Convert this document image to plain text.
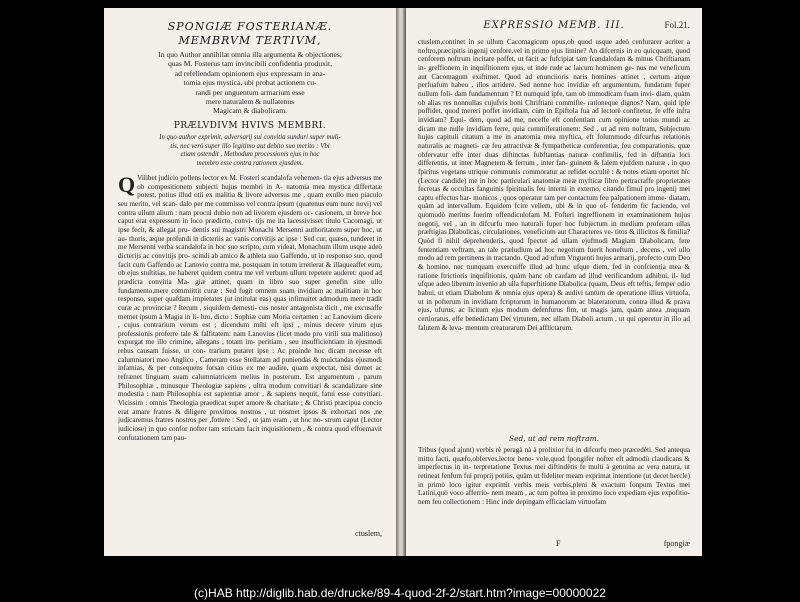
SPONGIÆ FOSTERIANÆ.
MEMBRVM TERTIVM,
In quo Author annihilat omnia illa argumenta & objectiones,
quas M. Fosterus tam invincibili confidentia produxit,
ad refellendam opinionem ejus expressam in ana-
tomia ejus mystica, ubi probat actionem cu-
randi per unguentum armarium esse
mere naturalem & nullatenus
Magicam & diabolicam.
PRÆLVDIVM HVIVS MEMBRI.
In quo author exprimit, adversarij sui convitia sunduri super muli-
tis, nec verò super illo legitimo aut debito suo merito : Vbi
etiam ostendit , Methodum processionis ejus in hoc
membro esse contra rationem ejusdem.
Q Vilibet judicio pollens lector ex M. Fosteri scandalofa vehemen- tia ejus adversus me ob compositionem subjecti hujus membri in A- natomia mea mystica differtatæ potest, potius illud otii ex malitia & livore adversus me , quam exullo meo piaculo seu merito, vel scan- dalo per me commisso vel contra ipsum (quatenus eum nunc novi) vel contra ullum alium : nam procul dubio non ad livorem ejusdem oc- casionem, ut breve hoc caput erat expressum in loco prædicto, convi- tijs me ita lacessivisset titulo Cacomagi, ut ipse fecit, & allegat pru- dentis sui magistri Monachi Mersenni authoritatem super hoc, ut au- thoris, æque profundi in dicteriis ac vanis convitijs ac ipse : Sed cur, quæso, tunderet in me Mersenni verba scandalofa in hoc suo scripto, cum videat, Monachum illum usque adeò dicterijs ac convitijs pro- scindi ab amico & athleta suo Gaffendo, ut in responso suo, quod facit cum Gaffendo ac Lanovio contra me, postquam in totum irretierat & illaqueaffet eum, ob ejus stultitias, ne haberet quidem contra me vel verbum ullum repetere auderet: quod ad prædicta convitia Ma- giæ attinet, quam in libro suo super genefin sine ullo fundamento,mere commiittit curæ : Sed fugit omnem suam invidiam ac malitiam in hoc responso, super quafdam impietates (ut intitulat eas) quas infimuitet admodum mere tradit curæ ac provinciæ ? Iterum , siquidem demesti- cus noster antagonista dicit , me excusaffe memet ipsum à Magia in li- bro, dicto : Sophiæ cum Moria certamen : ac Lanovium dicere , cujus contrarium verum est ; dicendum mihi eft ipsi , minus decere virum ejus professionis proferre tale & falfitatem: nam Lanovius (licet modo pro virili sua malitioso) expurgat me illo crimine, allegans , totam im- peritiam , seu insufficientiam in ejusmodi rebus causam fuisse, ut con- trarium putaret ipse : Ac proinde hoc dicam necesse eft calumniatori meo Anglico , Cameram esse Stellatam ad puniendas & mulctandas ejusmodi infamias, & per consequens forsan citius ex me audire, quam expectat, nisi domet ac refrænet linguam suam calumniatricem melius in posterum. Est argumentum , parum Philosophiæ , minusque Theologiæ sapiens , ultra modum convitiari & scandalizare sine modestia : nam Philosophia est sapientiæ amor , & sapiens nequit, fatui esse convitiari. Vicissim : omnis Theologia praedicat super amore & charitate ; & Christi præcipua concio erat amare fratres & diligere proximos nostros , ut nosmet ipsos & exhortari nos ,ne judicaremus fratres nostros per ,fottere : Sed , ut jam eram , ut hoc no- strum caput (Lector judiciose) in quo confor nofter tam strictam facit inquisitionem , & contra quod effoemavit confutationem tam pau-
ctuslem,
EXPRESSIO MEMB. III.	Fol.21.
ctuslem,continet in se ullum Cacomagicum opus,ob quod usque adeò cenfurarer acriter a noftro,præcipitis ingenij cenfore,vel in primo ejus limine? An difcernis in eo quicquam, quod cenforem noftrum incitare poffet, ut facit ac fufcipiat tam fcandalofam & minus Chriftianam in- greffionem in inquifitionem ejus, ut inde rude ac laicum hominem ge- nus me veneficum aut Cacomagum exiftimet. Quod ad enunciioris naris homines attinet , certum atque perfuafum habeo , illos arridere. Sed nonne hoc invidiæ eft argumentum, fundatum fuper nullum foli- dam fundamentum ? Et numquid ipfe, tam ob immodicam fuam invi- diam, quàm ob alias res nonnullas cujufvis boni Chriftiani commifie- rationeque dignos? Nam, quid ipfe poffidet, quod mereri poffet invidiam, cùm in Epiftola fua ad lectorè confitetur, fe effe infra invidiam? Equi- dem, quod ad me, neceffe eft confentiam cum opinione totius mundi ac dicam me nulle invidiam ferre, quia commiferationem: Sed , ut ad rem noftram, Subjectum hujus capituli citatum a me in anatomia mea myftica, eft folummodo difcurfus relationis naturalis ac magneti- cæ feu attractivæ & fympatheticæ conferentiæ, feu comparationis, quæ obfervatur effe inter duas diftinctas fubftantias naturæ confimilis, fed in diftantia loci differentis, ut inter Magnetem & ferrum , inter fan- guinem & falem ejufdem naturæ , in quo fpiritus vegetans utrique communis commoratur ac refidet occultè : & notes etiam oportet hîc (Lector candide) me in hoc particulari anatomiæ meæ myfticæ libro pertractaffe proprietates fecretas & occultas fanguinis fpiritualis feu interni in externo, citando fimul pro ingenij mei captu effectus har- monicos , quos operatur tam per contactum feu palpationem imme- diatam, quàm ad intervallum. Equidem fcire vellem, ubi & in quo of- fenderim fic faciendo, vel quomodò meritus fuerim offendiculofam M. Fofteri ingreffionem in examinationem hujus negotij, vel , an in difcurfu meo naturali fuper hoc fubjectum in medium proferam ullas præftigias Diabolicas, circulationes, veneficium aut Characteres ve- titos & illicitos & fimilia? Quòd fi nihil deprehenderis, quod fpectet ad ullam ejufmodi Magiam Diabolicam, fere fententiam veftram, an tale præludium ad hoc negotium fuerit honeftum , decens , vel ullo modo ad rem pertinens in tractando. Quod ad ufum Vnguenti hujus armarij, profecto cum Deo & homine, nec nunquam exercuiffe illud ad hunc ufque diem, fed in confcientia mea & ratione ftrictioris inquifitionis, quàm hanc ob caufam ad illud verificandum adhibui, il- lud ufque adeo liberum invenio ab ulla fuperftitione Diabolica (quam, Deus eft teftis, femper odio habui, ut etiam Diabolum & omnia ejus opera) & audivi tantum de operatione illius virtuofa, ut in pofterum in invidiam fcriptorum in humanorum ac blateratorum, contra illud & prava ejus, ufurus, ac licitum ejus modum defenfurus fim, ut magis jam, quàm antea ,nuquam certioratus, effe benedictam Dei virtutem, nec ullam Diaboli actum , ut qui operetur in illo ad falutem & leva- mentum creaturarum Dei afflictarum.
Sed, ut ad rem noftram.
Tribus (quod ajunt) verbis rè peragà nà à prolixior fui in difcurfu meo præcedèti. Sed antequa mitto facti, quæfo,obferves,lector bene- vole,quod fpongifer nofter eft admodù claudicans & imperfectus in in- terpretatione Textus mei diftindètis fe multi à genuina ac vera natura, ut retineat fenfum fui proprij potiùs, quàm ut fideliter meam exprimat intentione (ut decet hercle) in primò loco igitur exprimit verbis meis verbis,pleni & exactum fonpum Textus mei Latini,quò voco afferrio- nem meam , ac tum poftea in proximo loco expediam ejus expofitio- nem feu collectionem : Hinc inde depingam efficaciam virtuofam
F	fpongiæ
(c)HAB http://diglib.hab.de/drucke/89-4-quod-2f-2/start.htm?image=00000022
